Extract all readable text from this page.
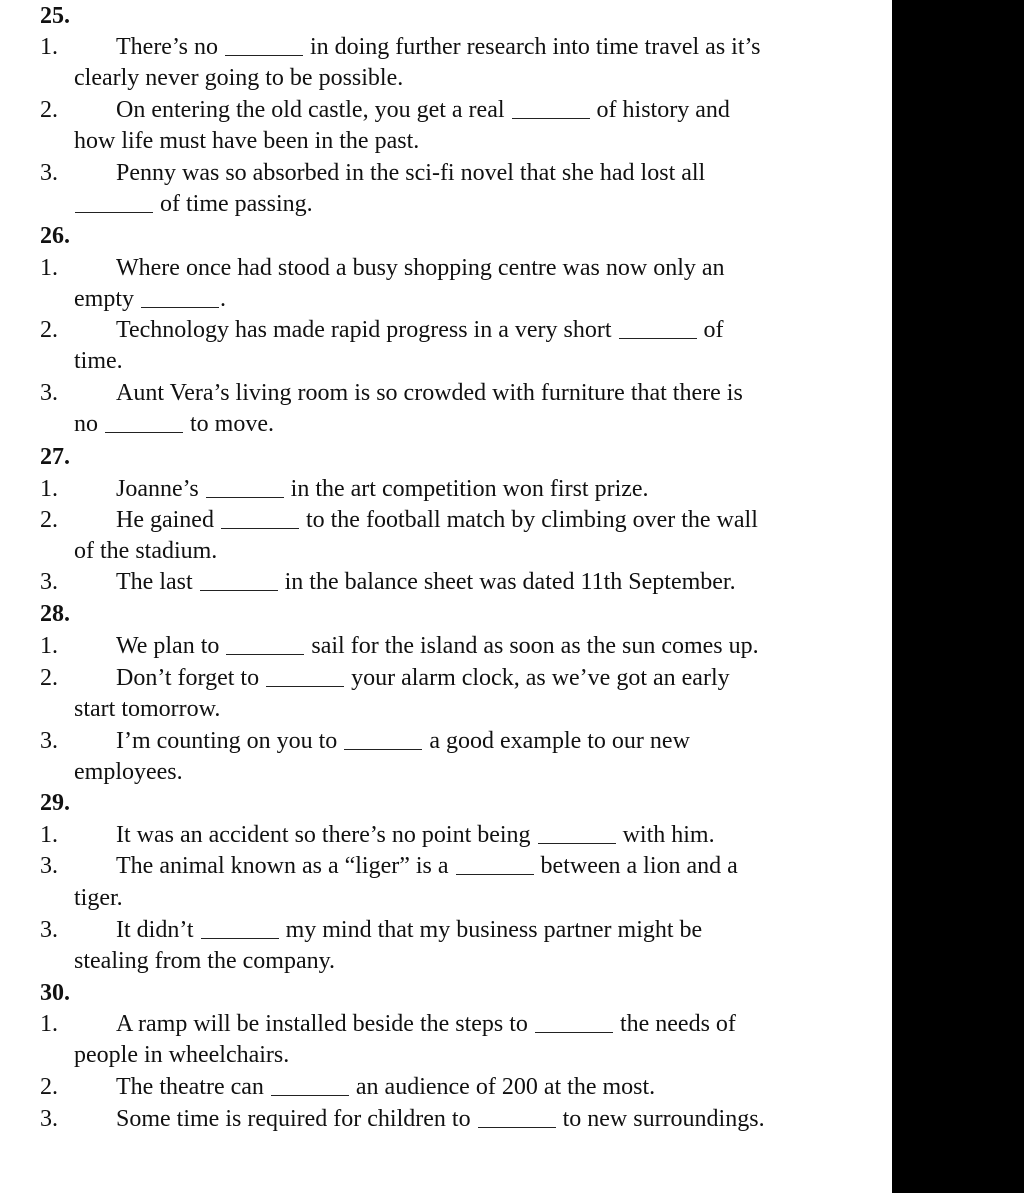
25.
1. There’s no	in doing further research into time travel as it’s
clearly never going to be possible.
2. On entering the old castle, you get a real	of history and
how life must have been in the past.
3. Penny was so absorbed in the sci-fi novel that she had lost all
of time passing.
26.
1. Where once had stood a busy shopping centre was now only an
empty	.
2. Technology has made rapid progress in a very short	of
time.
3. Aunt Vera’s living room is so crowded with furniture that there is
no	to move.
27.
1. Joanne’s	in the art competition won first prize.
2. He gained	to the football match by climbing over the wall
of the stadium.
3. The last	in the balance sheet was dated 11th September.
28.
1. We plan to	sail for the island as soon as the sun comes up.
2. Don’t forget to	your alarm clock, as we’ve got an early
start tomorrow.
3. I’m counting on you to	a good example to our new
employees.
29.
1. It was an accident so there’s no point being	with him.
3. The animal known as a “liger” is a	between a lion and a
tiger.
3. It didn’t	my mind that my business partner might be
stealing from the company.
30.
1. A ramp will be installed beside the steps to	the needs of
people in wheelchairs.
2. The theatre can	an audience of 200 at the most.
3. Some time is required for children to	to new surroundings.
